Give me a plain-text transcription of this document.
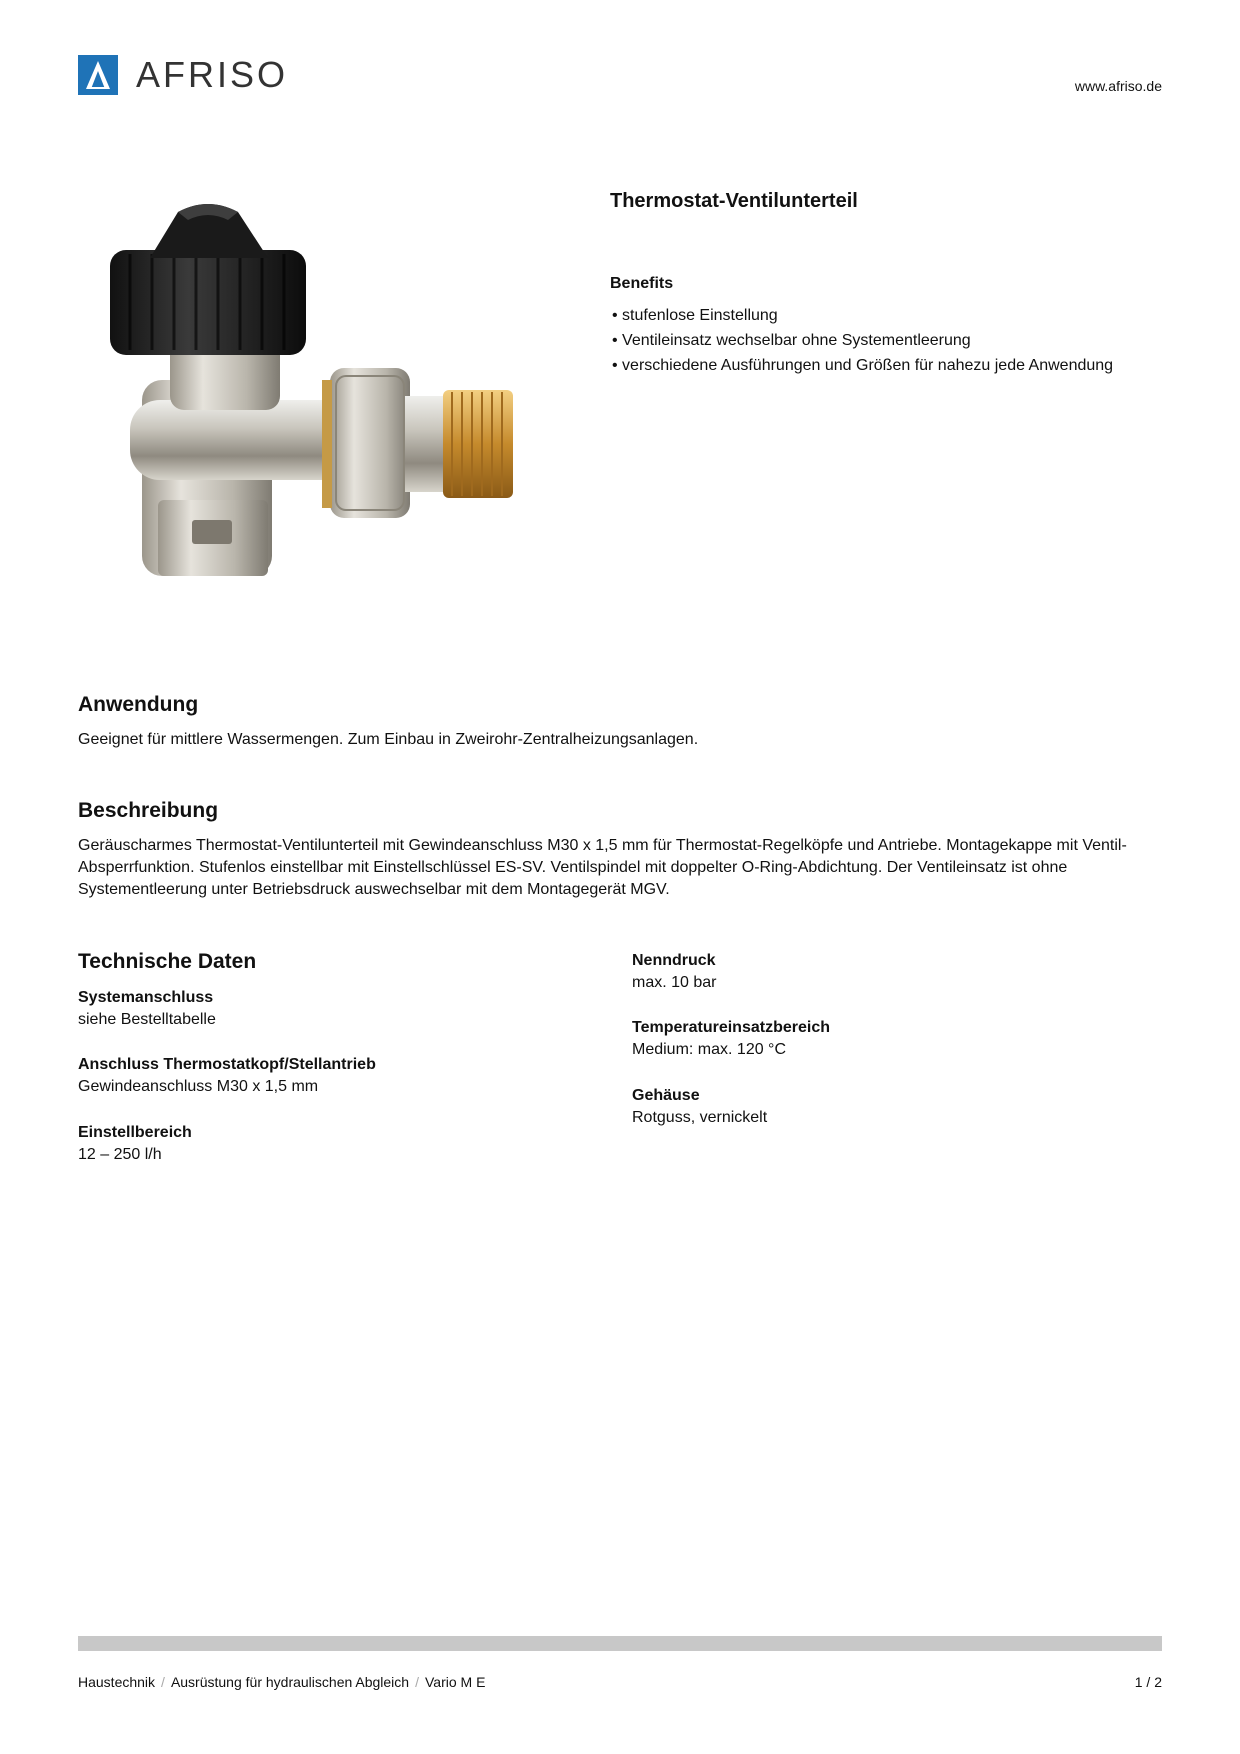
AFRISO	www.afriso.de
Thermostat-Ventilunterteil
Benefits
• stufenlose Einstellung
• Ventileinsatz wechselbar ohne Systementleerung
• verschiedene Ausführungen und Größen für nahezu jede Anwendung
Anwendung
Geeignet für mittlere Wassermengen. Zum Einbau in Zweirohr-Zentralheizungsanlagen.
Beschreibung
Geräuscharmes Thermostat-Ventilunterteil mit Gewindeanschluss M30 x 1,5 mm für Thermostat-Regelköpfe und Antriebe. Montagekappe mit Ventil-Absperrfunktion. Stufenlos einstellbar mit Einstellschlüssel ES-SV. Ventilspindel mit doppelter O-Ring-Abdichtung. Der Ventileinsatz ist ohne Systementleerung unter Betriebsdruck auswechselbar mit dem Montagegerät MGV.
Technische Daten
Systemanschluss
siehe Bestelltabelle
Anschluss Thermostatkopf/Stellantrieb
Gewindeanschluss M30 x 1,5 mm
Einstellbereich
12 – 250 l/h
Nenndruck
max. 10 bar
Temperatureinsatzbereich
Medium: max. 120 °C
Gehäuse
Rotguss, vernickelt
Haustechnik / Ausrüstung für hydraulischen Abgleich / Vario M E	1 / 2
